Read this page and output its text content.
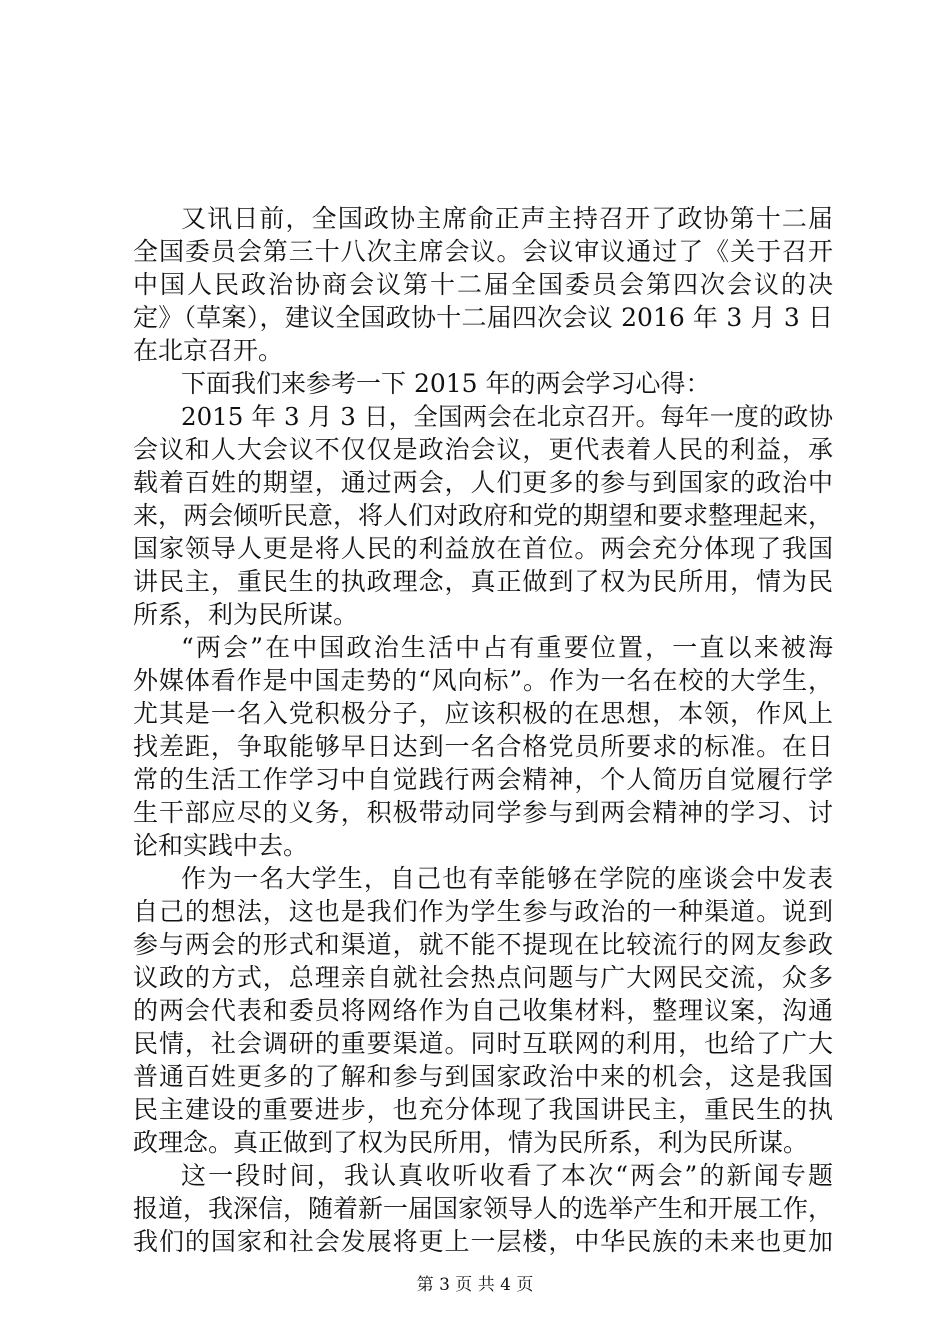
又讯日前，全国政协主席俞正声主持召开了政协第十二届
全国委员会第三十八次主席会议。会议审议通过了《关于召开
中国人民政治协商会议第十二届全国委员会第四次会议的决
定》（草案），建议全国政协十二届四次会议 2016 年 3 月 3 日
在北京召开。
下面我们来参考一下 2015 年的两会学习心得：
2015 年 3 月 3 日，全国两会在北京召开。每年一度的政协
会议和人大会议不仅仅是政治会议，更代表着人民的利益，承
载着百姓的期望，通过两会，人们更多的参与到国家的政治中
来，两会倾听民意，将人们对政府和党的期望和要求整理起来，
国家领导人更是将人民的利益放在首位。两会充分体现了我国
讲民主，重民生的执政理念，真正做到了权为民所用，情为民
所系，利为民所谋。
“两会”在中国政治生活中占有重要位置，一直以来被海
外媒体看作是中国走势的“风向标”。作为一名在校的大学生，
尤其是一名入党积极分子，应该积极的在思想，本领，作风上
找差距，争取能够早日达到一名合格党员所要求的标准。在日
常的生活工作学习中自觉践行两会精神，个人简历自觉履行学
生干部应尽的义务，积极带动同学参与到两会精神的学习、讨
论和实践中去。
作为一名大学生，自己也有幸能够在学院的座谈会中发表
自己的想法，这也是我们作为学生参与政治的一种渠道。说到
参与两会的形式和渠道，就不能不提现在比较流行的网友参政
议政的方式，总理亲自就社会热点问题与广大网民交流，众多
的两会代表和委员将网络作为自己收集材料，整理议案，沟通
民情，社会调研的重要渠道。同时互联网的利用，也给了广大
普通百姓更多的了解和参与到国家政治中来的机会，这是我国
民主建设的重要进步，也充分体现了我国讲民主，重民生的执
政理念。真正做到了权为民所用，情为民所系，利为民所谋。
这一段时间，我认真收听收看了本次“两会”的新闻专题
报道，我深信，随着新一届国家领导人的选举产生和开展工作，
我们的国家和社会发展将更上一层楼，中华民族的未来也更加
第 3 页 共 4 页
